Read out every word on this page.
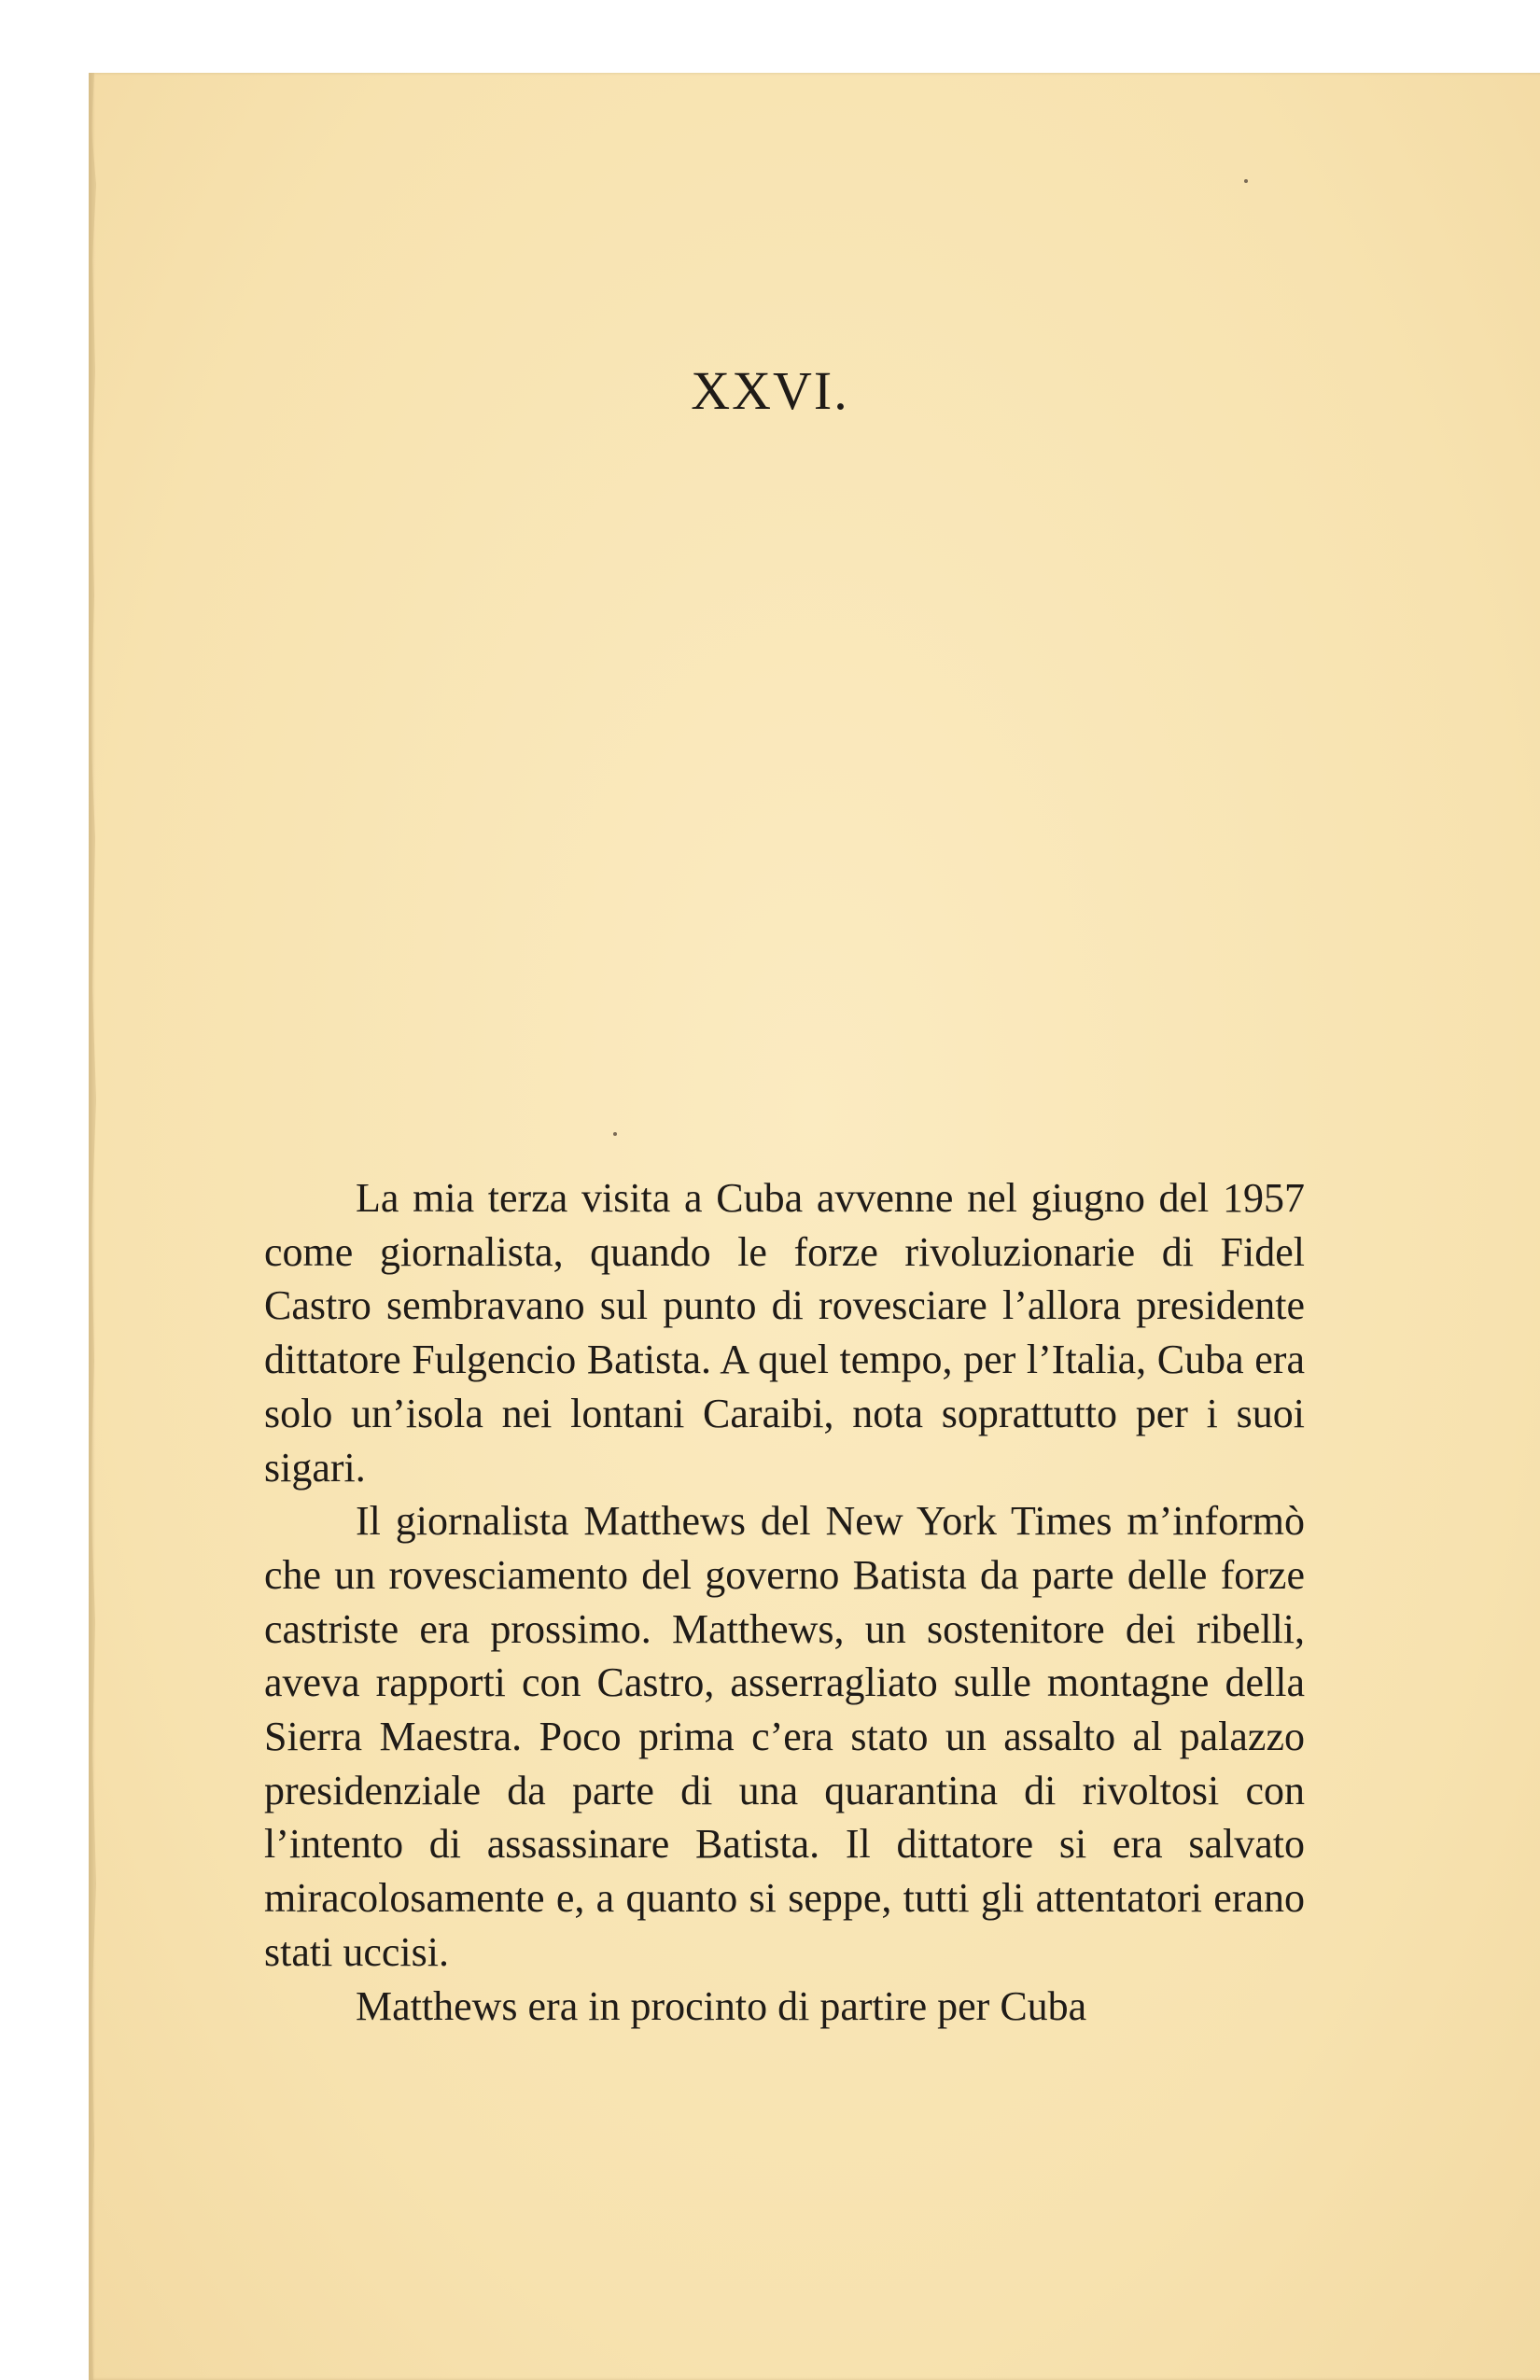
XXVI.

La mia terza visita a Cuba avvenne nel giugno del 1957 come giornalista, quando le forze rivoluzionarie di Fidel Castro sembravano sul punto di rovesciare l’allora presidente dittatore Fulgencio Batista. A quel tempo, per l’Italia, Cuba era solo un’isola nei lontani Caraibi, nota soprattutto per i suoi sigari.

Il giornalista Matthews del New York Times m’informò che un rovesciamento del governo Batista da parte delle forze castriste era prossimo. Matthews, un sostenitore dei ribelli, aveva rapporti con Castro, asserragliato sulle montagne della Sierra Maestra. Poco prima c’era stato un assalto al palazzo presidenziale da parte di una quarantina di rivoltosi con l’intento di assassinare Batista. Il dittatore si era salvato miracolosamente e, a quanto si seppe, tutti gli attentatori erano stati uccisi.

Matthews era in procinto di partire per Cuba
